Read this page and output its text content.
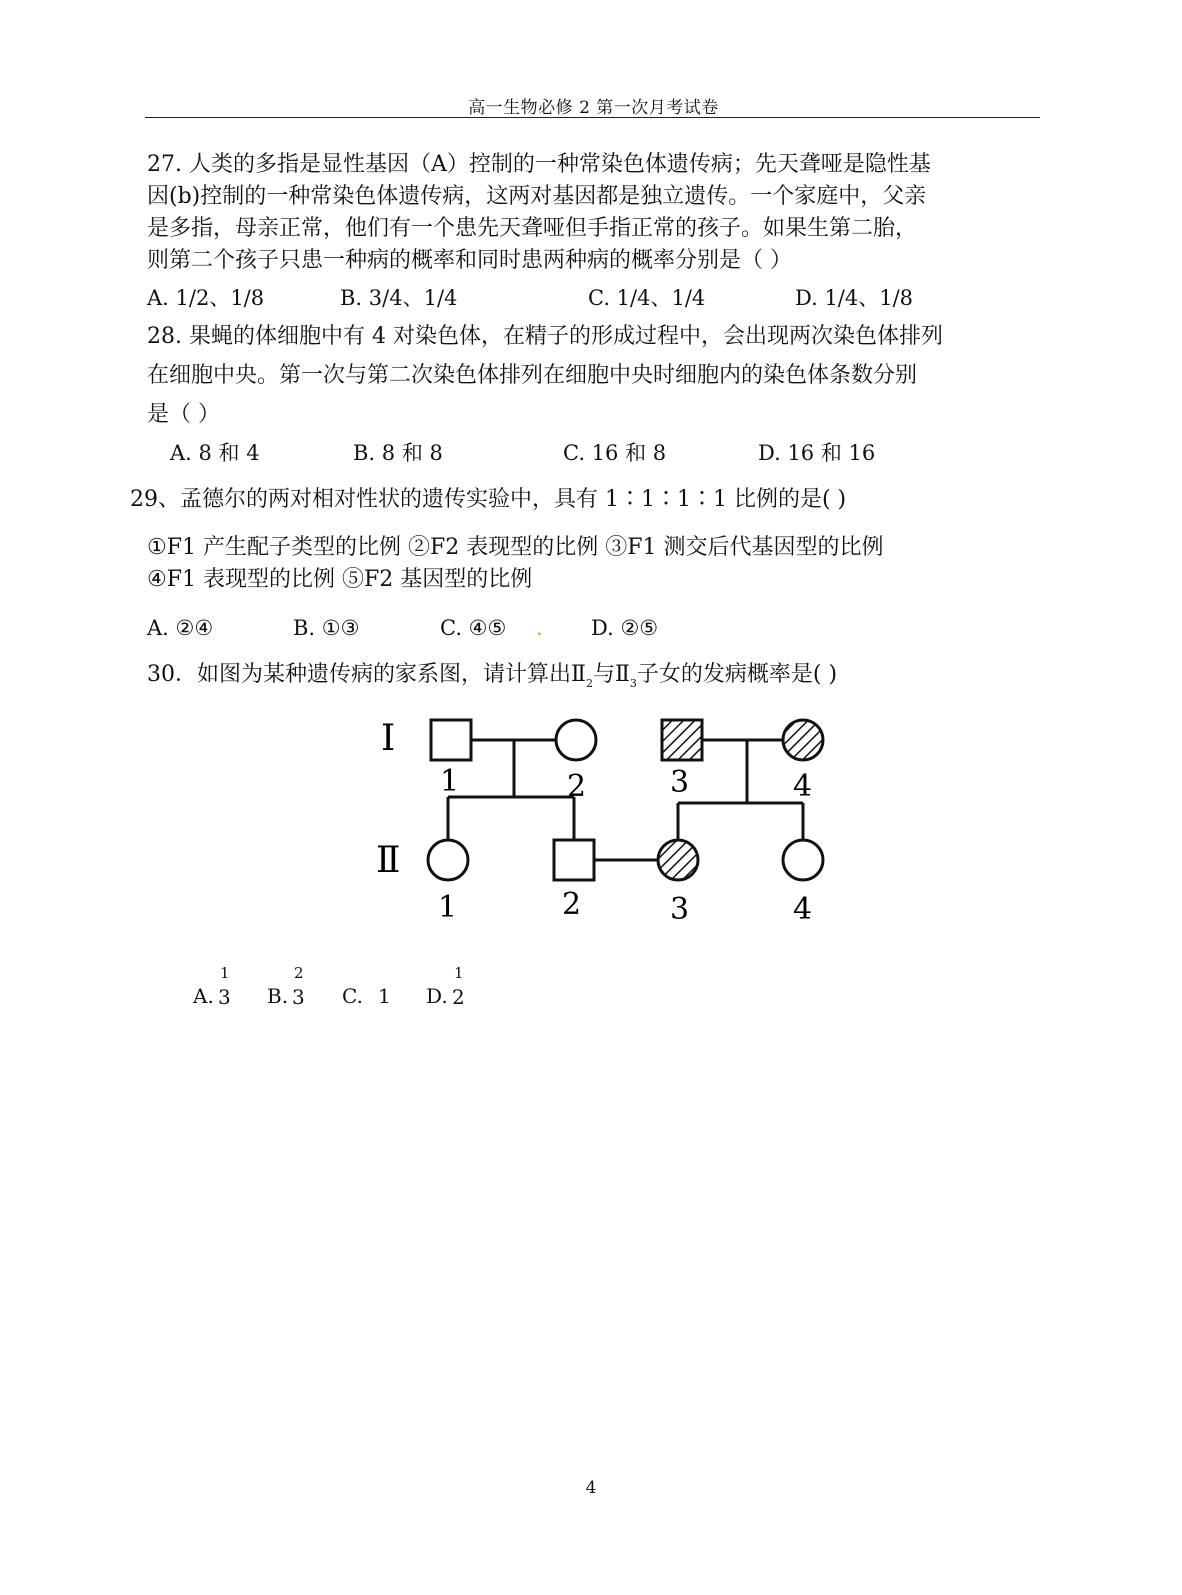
高一生物必修 2 第一次月考试卷
27. 人类的多指是显性基因（A）控制的一种常染色体遗传病；先天聋哑是隐性基
因(b)控制的一种常染色体遗传病，这两对基因都是独立遗传。一个家庭中，父亲
是多指，母亲正常，他们有一个患先天聋哑但手指正常的孩子。如果生第二胎，
则第二个孩子只患一种病的概率和同时患两种病的概率分别是（ ）
A. 1/2、1/8	B. 3/4、1/4	C. 1/4、1/4	D. 1/4、1/8
28. 果蝇的体细胞中有 4 对染色体，在精子的形成过程中，会出现两次染色体排列
在细胞中央。第一次与第二次染色体排列在细胞中央时细胞内的染色体条数分别
是（ ）
A. 8 和 4	B. 8 和 8	C. 16 和 8	D. 16 和 16
29、孟德尔的两对相对性状的遗传实验中，具有 1∶1∶1∶1 比例的是( )
①F1 产生配子类型的比例 ②F2 表现型的比例 ③F1 测交后代基因型的比例
④F1 表现型的比例 ⑤F2 基因型的比例
A. ②④	B. ①③	C. ④⑤ . D. ②⑤
30．如图为某种遗传病的家系图，请计算出$Ⅱ_2$与$Ⅱ_3$子女的发病概率是( )
Ⅰ
Ⅱ
1	2	3	4
1	2	3	4
A.
1
3 B.
2
3 C. 1 D.
1
2
4
